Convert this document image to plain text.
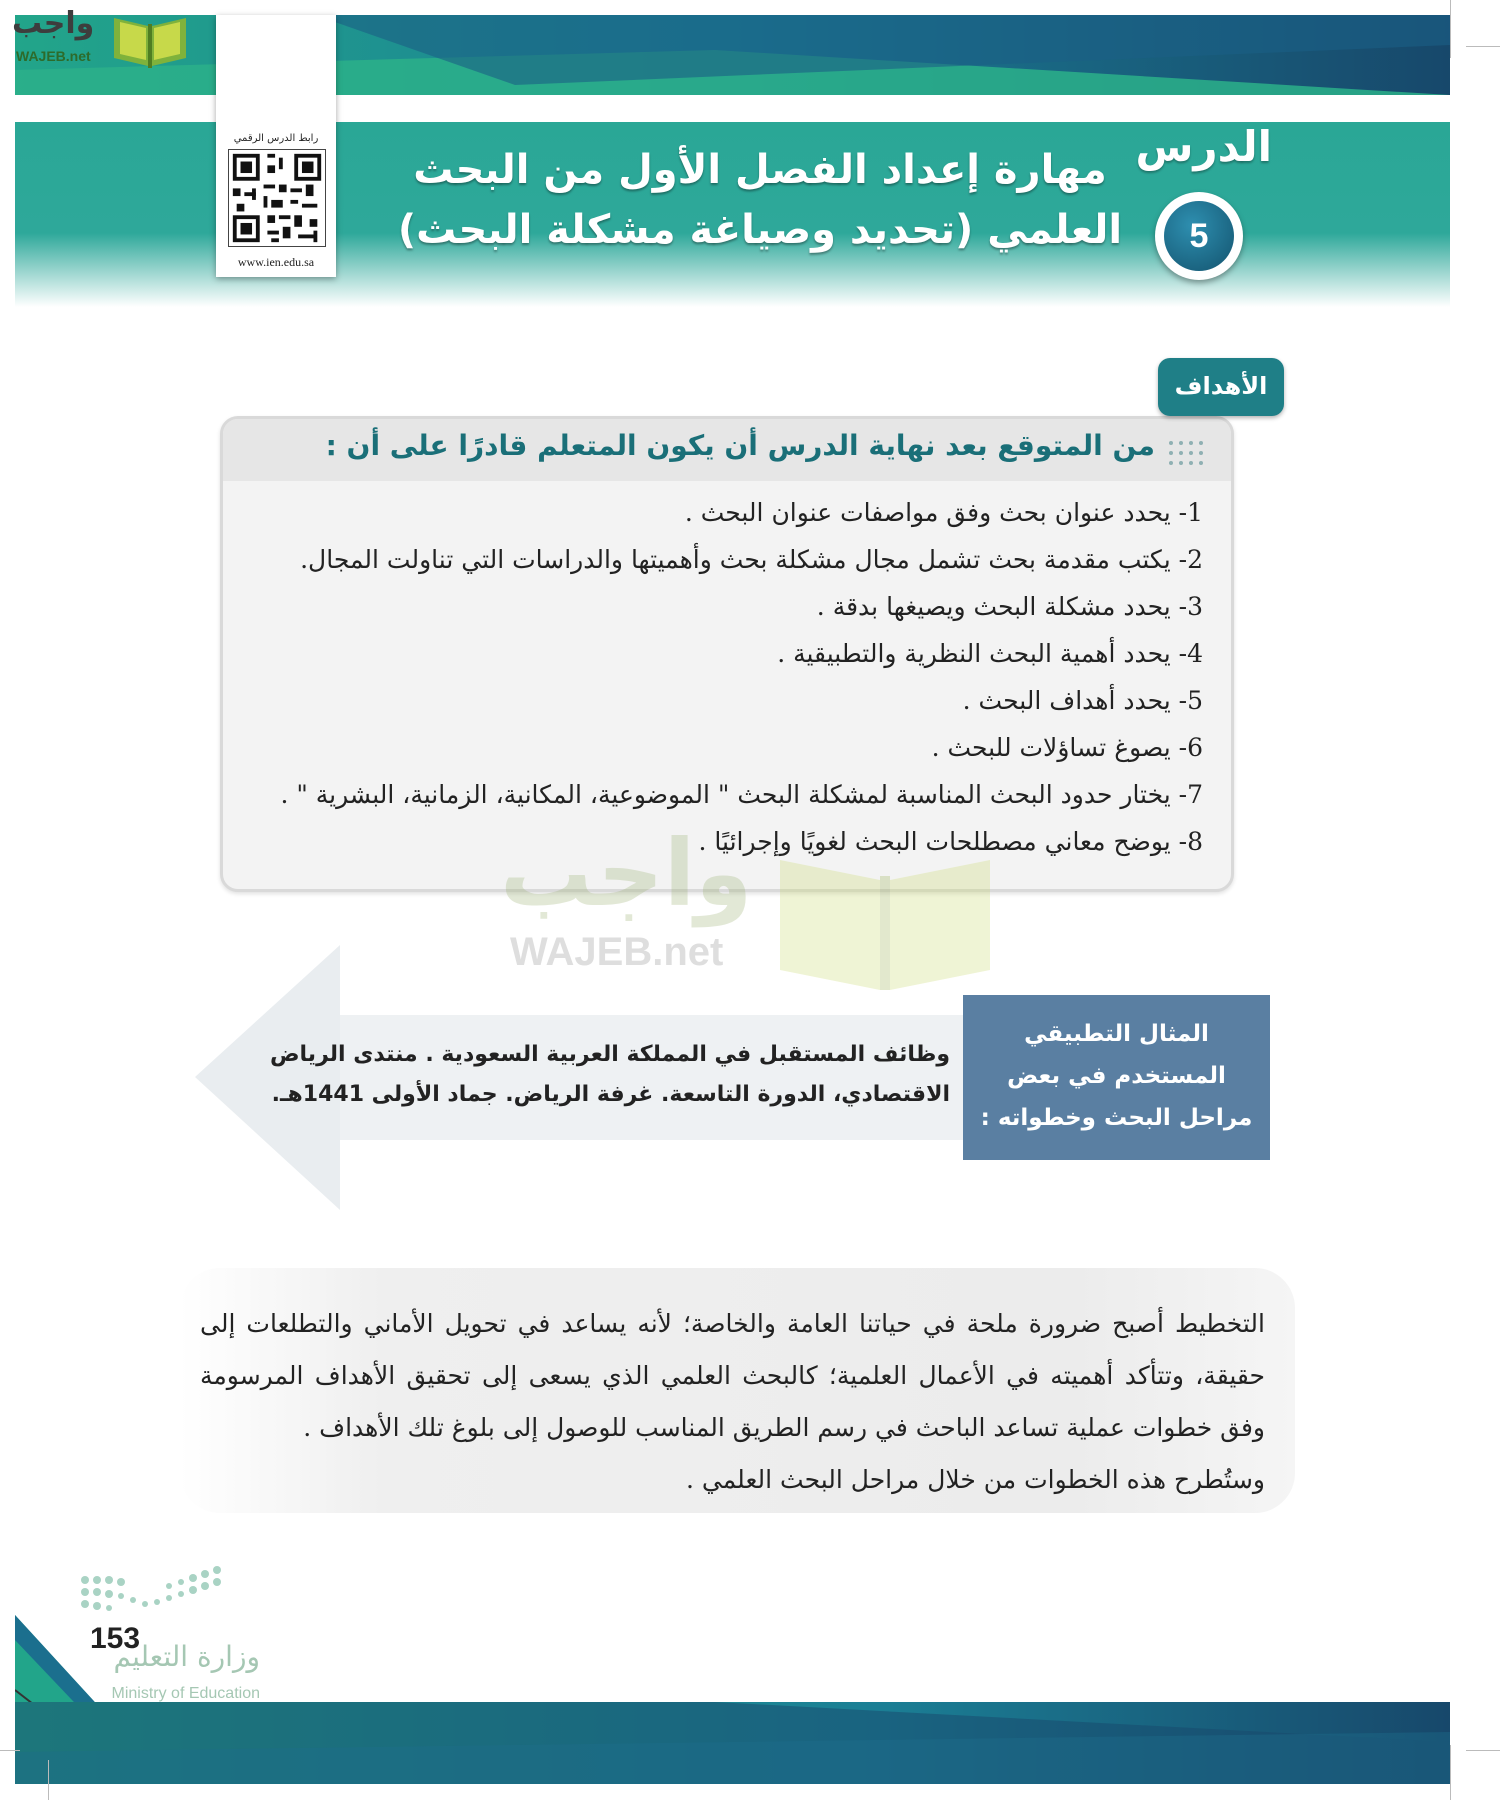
واجب
WAJEB.net
رابط الدرس الرقمي
www.ien.edu.sa
مهارة إعداد الفصل الأول من البحث
العلمي (تحديد وصياغة مشكلة البحث)
الدرس
5
من المتوقع بعد نهاية الدرس أن يكون المتعلم قادرًا على أن :
1- يحدد عنوان بحث وفق مواصفات عنوان البحث .
2- يكتب مقدمة بحث تشمل مجال مشكلة بحث وأهميتها والدراسات التي تناولت المجال.
3- يحدد مشكلة البحث ويصيغها بدقة .
4- يحدد أهمية البحث النظرية والتطبيقية .
5- يحدد أهداف البحث .
6- يصوغ تساؤلات للبحث .
7- يختار حدود البحث المناسبة لمشكلة البحث " الموضوعية، المكانية، الزمانية، البشرية " .
8- يوضح معاني مصطلحات البحث لغويًا وإجرائيًا .
الأهداف
واجب
WAJEB.net
وظائف المستقبل في المملكة العربية السعودية . منتدى الرياض
الاقتصادي، الدورة التاسعة. غرفة الرياض. جماد الأولى 1441هـ.
المثال التطبيقي
المستخدم في بعض
مراحل البحث وخطواته :

التخطيط أصبح ضرورة ملحة في حياتنا العامة والخاصة؛ لأنه يساعد في تحويل الأماني والتطلعات إلى حقيقة، وتتأكد أهميته في الأعمال العلمية؛ كالبحث العلمي الذي يسعى إلى تحقيق الأهداف المرسومة وفق خطوات عملية تساعد الباحث في رسم الطريق المناسب للوصول إلى بلوغ تلك الأهداف .

وستُطرح هذه الخطوات من خلال مراحل البحث العلمي .

153
وزارة التعليم
Ministry of Education
